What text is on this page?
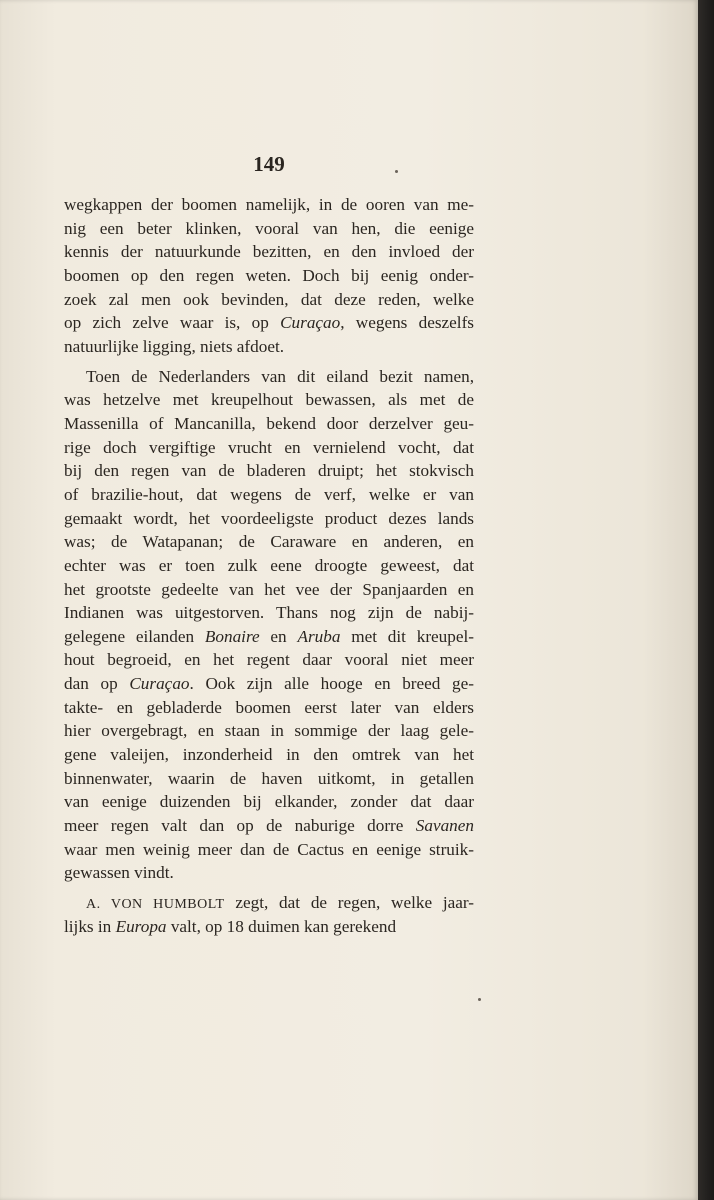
149
wegkappen der boomen namelijk, in de ooren van me-
nig een beter klinken, vooral van hen, die eenige
kennis der natuurkunde bezitten, en den invloed der
boomen op den regen weten. Doch bij eenig onder-
zoek zal men ook bevinden, dat deze reden, welke
op zich zelve waar is, op Curaçao, wegens deszelfs
natuurlijke ligging, niets afdoet.
Toen de Nederlanders van dit eiland bezit namen,
was hetzelve met kreupelhout bewassen, als met de
Massenilla of Mancanilla, bekend door derzelver geu-
rige doch vergiftige vrucht en vernielend vocht, dat
bij den regen van de bladeren druipt; het stokvisch
of brazilie-hout, dat wegens de verf, welke er van
gemaakt wordt, het voordeeligste product dezes lands
was; de Watapanan; de Caraware en anderen, en
echter was er toen zulk eene droogte geweest, dat
het grootste gedeelte van het vee der Spanjaarden en
Indianen was uitgestorven. Thans nog zijn de nabij-
gelegene eilanden Bonaire en Aruba met dit kreupel-
hout begroeid, en het regent daar vooral niet meer
dan op Curaçao. Ook zijn alle hooge en breed ge-
takte- en gebladerde boomen eerst later van elders
hier overgebragt, en staan in sommige der laag gele-
gene valeijen, inzonderheid in den omtrek van het
binnenwater, waarin de haven uitkomt, in getallen
van eenige duizenden bij elkander, zonder dat daar
meer regen valt dan op de naburige dorre Savanen
waar men weinig meer dan de Cactus en eenige struik-
gewassen vindt.
A. VON HUMBOLT zegt, dat de regen, welke jaar-
lijks in Europa valt, op 18 duimen kan gerekend
